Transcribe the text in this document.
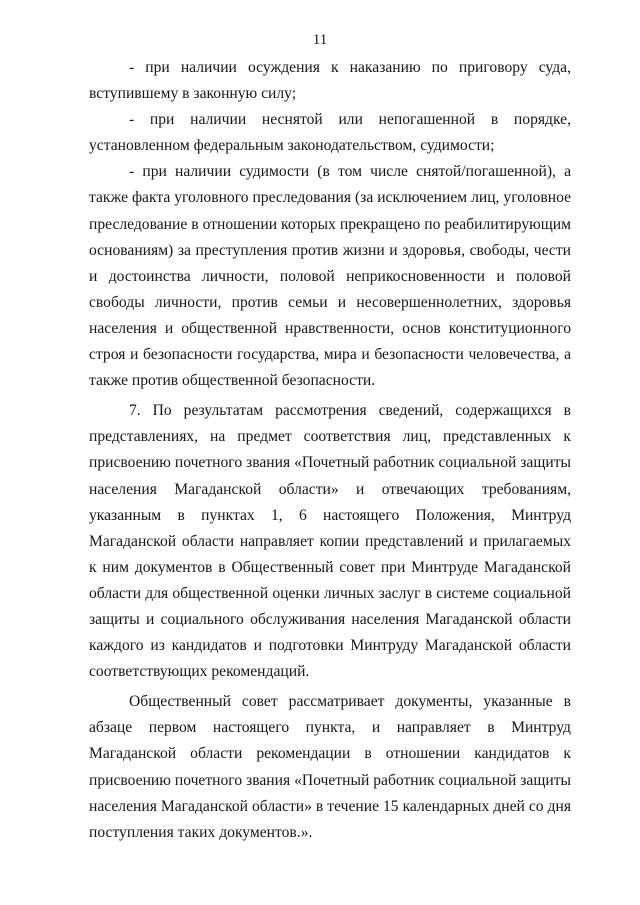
11

- при наличии осуждения к наказанию по приговору суда, вступившему в законную силу;

- при наличии неснятой или непогашенной в порядке, установленном федеральным законодательством, судимости;

- при наличии судимости (в том числе снятой/погашенной), а также факта уголовного преследования (за исключением лиц, уголовное преследование в отношении которых прекращено по реабилитирующим основаниям) за преступления против жизни и здоровья, свободы, чести и достоинства личности, половой неприкосновенности и половой свободы личности, против семьи и несовершеннолетних, здоровья населения и общественной нравственности, основ конституционного строя и безопасности государства, мира и безопасности человечества, а также против общественной безопасности.

7. По результатам рассмотрения сведений, содержащихся в представлениях, на предмет соответствия лиц, представленных к присвоению почетного звания «Почетный работник социальной защиты населения Магаданской области» и отвечающих требованиям, указанным в пунктах 1, 6 настоящего Положения, Минтруд Магаданской области направляет копии представлений и прилагаемых к ним документов в Общественный совет при Минтруде Магаданской области для общественной оценки личных заслуг в системе социальной защиты и социального обслуживания населения Магаданской области каждого из кандидатов и подготовки Минтруду Магаданской области соответствующих рекомендаций.

Общественный совет рассматривает документы, указанные в абзаце первом настоящего пункта, и направляет в Минтруд Магаданской области рекомендации в отношении кандидатов к присвоению почетного звания «Почетный работник социальной защиты населения Магаданской области» в течение 15 календарных дней со дня поступления таких документов.».
